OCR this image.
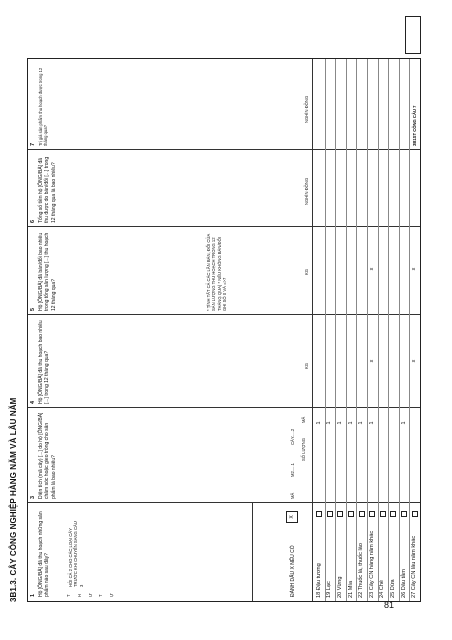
3B1.3. CÂY CÔNG NGHIỆP HÀNG NĂM VÀ LÂU NĂM 1
3
4
5
6
7
Hộ [ÔNG/BÀ] đã thu hoạch những sản phẩm nào sau đây?
Diện tích (mã cây) [...] do hộ [ÔNG/BÀ] chăm sóc hoặc gieo trồng cho sản phẩm là bao nhiêu?
Hộ [ÔNG/BÀ] đã thu hoạch bao nhiêu [...] trong 12 tháng qua?
Hộ [ÔNG/BÀ] đã bán/đổi bao nhiêu trong tổng sản lượng [...] thu hoạch 12 tháng qua?
Tổng số tiền hộ [ÔNG/BÀ] đã thu được do bán/đổi [...] trong 12 tháng qua là bao nhiêu?
Trị giá sản phẩm thu hoạch được trong 12 tháng qua?
T
H
Ư
T
Ự
HỎI CẢ 2 CHO CÁC LOẠI CÂY TRƯỚC KHI CHUYỂN SANG CÂU 3	ĐÁNH DẤU X NẾU CÓ
X
MÃ
M2.....1
CÂY.....2
SỐ LƯỢNG
MÃ
* TÍNH TẤT CẢ CÁC LẦN BÁN, ĐỔI CỦA SẢN LƯỢNG THU HOẠCH TRONG 12 THÁNG QUA) * NẾU KHÔNG BÁN/ĐỔI GHI SỐ 0 VÀ =>7
KG
KG
NGHÌN ĐỒNG
NGHÌN ĐỒNG
18 Đậu tương
1
19 Lạc
1
20 Vừng
1
21 Mía
1
22 Thuốc lá, thuốc lào
1
23 Cây CN hàng năm khác
1
x
x
24 Chè 25 Dừa 26 Dâu tằm
1
27 Cây CN lâu năm khác
x
x
3B1ST CÔNG CÂU 7
81
